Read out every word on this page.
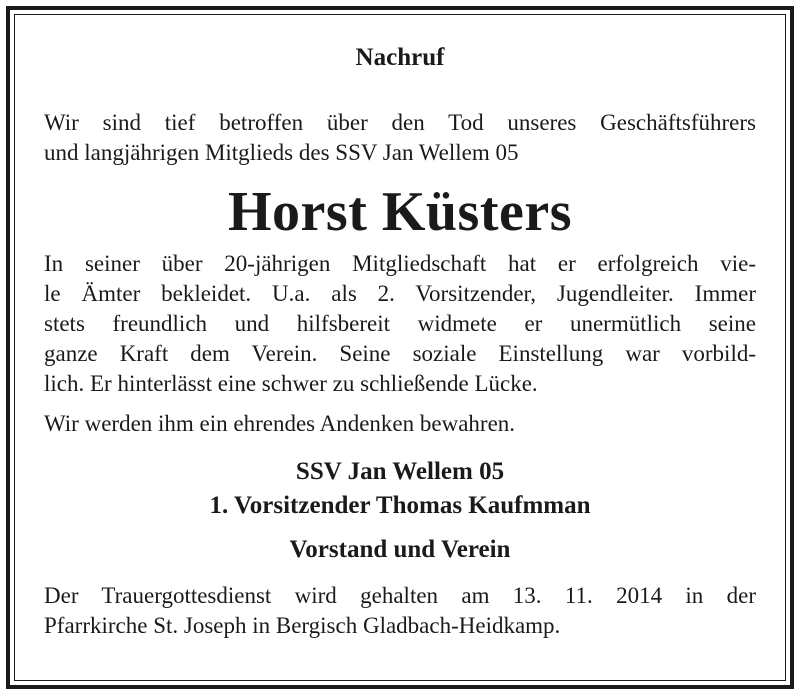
Nachruf

Wir sind tief betroffen über den Tod unseres Geschäftsführers
und langjährigen Mitglieds des SSV Jan Wellem 05

Horst Küsters

In seiner über 20-jährigen Mitgliedschaft hat er erfolgreich vie-
le Ämter bekleidet. U.a. als 2. Vorsitzender, Jugendleiter. Immer
stets freundlich und hilfsbereit widmete er unermütlich seine
ganze Kraft dem Verein. Seine soziale Einstellung war vorbild-
lich. Er hinterlässt eine schwer zu schließende Lücke.

Wir werden ihm ein ehrendes Andenken bewahren.

SSV Jan Wellem 05

1. Vorsitzender Thomas Kaufmman

Vorstand und Verein

Der Trauergottesdienst wird gehalten am 13. 11. 2014 in der
Pfarrkirche St. Joseph in Bergisch Gladbach-Heidkamp.
